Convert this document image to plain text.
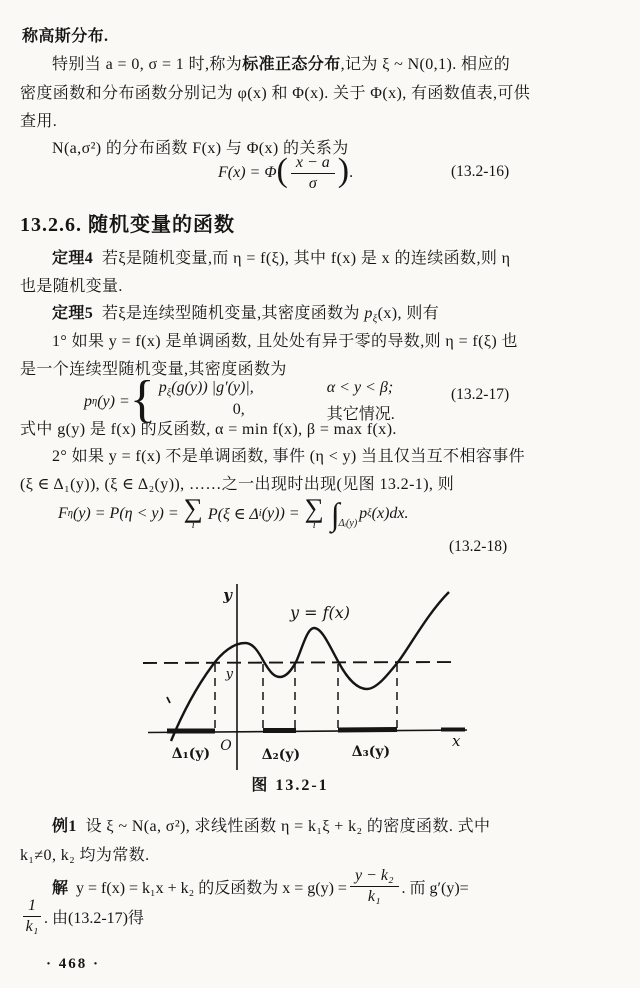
称高斯分布.
特别当 a = 0, σ = 1 时,称为标准正态分布,记为 ξ ~ N(0,1). 相应的
密度函数和分布函数分别记为 φ(x) 和 Φ(x). 关于 Φ(x), 有函数值表,可供
查用.
N(a,σ²) 的分布函数 F(x) 与 Φ(x) 的关系为
F(x) = Φ ( $\frac{x - a}{\sigma}$ ) .	(13.2-16)
13.2.6. 随机变量的函数
定理4 若ξ是随机变量,而 η = f(ξ), 其中 f(x) 是 x 的连续函数,则 η
也是随机变量.
定理5 若ξ是连续型随机变量,其密度函数为 $p_\xi(x)$, 则有
1° 如果 y = f(x) 是单调函数, 且处处有异于零的导数,则 η = f(ξ) 也
是一个连续型随机变量,其密度函数为
p η (y) = { $p_\xi(g(y))$ |g′(y)|,	α < y < β;
0,	其它情况.
(13.2-17)
式中 g(y) 是 f(x) 的反函数, α = min f(x), β = max f(x).
2° 如果 y = f(x) 不是单调函数, 事件 (η < y) 当且仅当互不相容事件
(ξ ∈ Δ₁(y)), (ξ ∈ Δ₂(y)), ……之一出现时出现(见图 13.2-1), 则
F η (y) = P(η < y) = ∑
i
P(ξ ∈ Δ i (y)) = ∑
i ∫ Δᵢ(y)
p ξ (x)dx.
(13.2-18)
y
y = f(x)
y
O	x
Δ₁(y)	Δ₂(y)	Δ₃(y)
图 13.2-1
例1 设 ξ ~ N(a, σ²), 求线性函数 η = k₁ξ + k₂ 的密度函数. 式中
k₁≠0, k₂ 均为常数.
解
y = f(x) = k₁x + k₂ 的反函数为 $x = g(y) = \frac{\text{y − k₂}}{\text{k₁}}$ . 而 g′(y)=
$\frac{1}{\text{k₁}}$ . 由(13.2-17)得
· 468 ·
